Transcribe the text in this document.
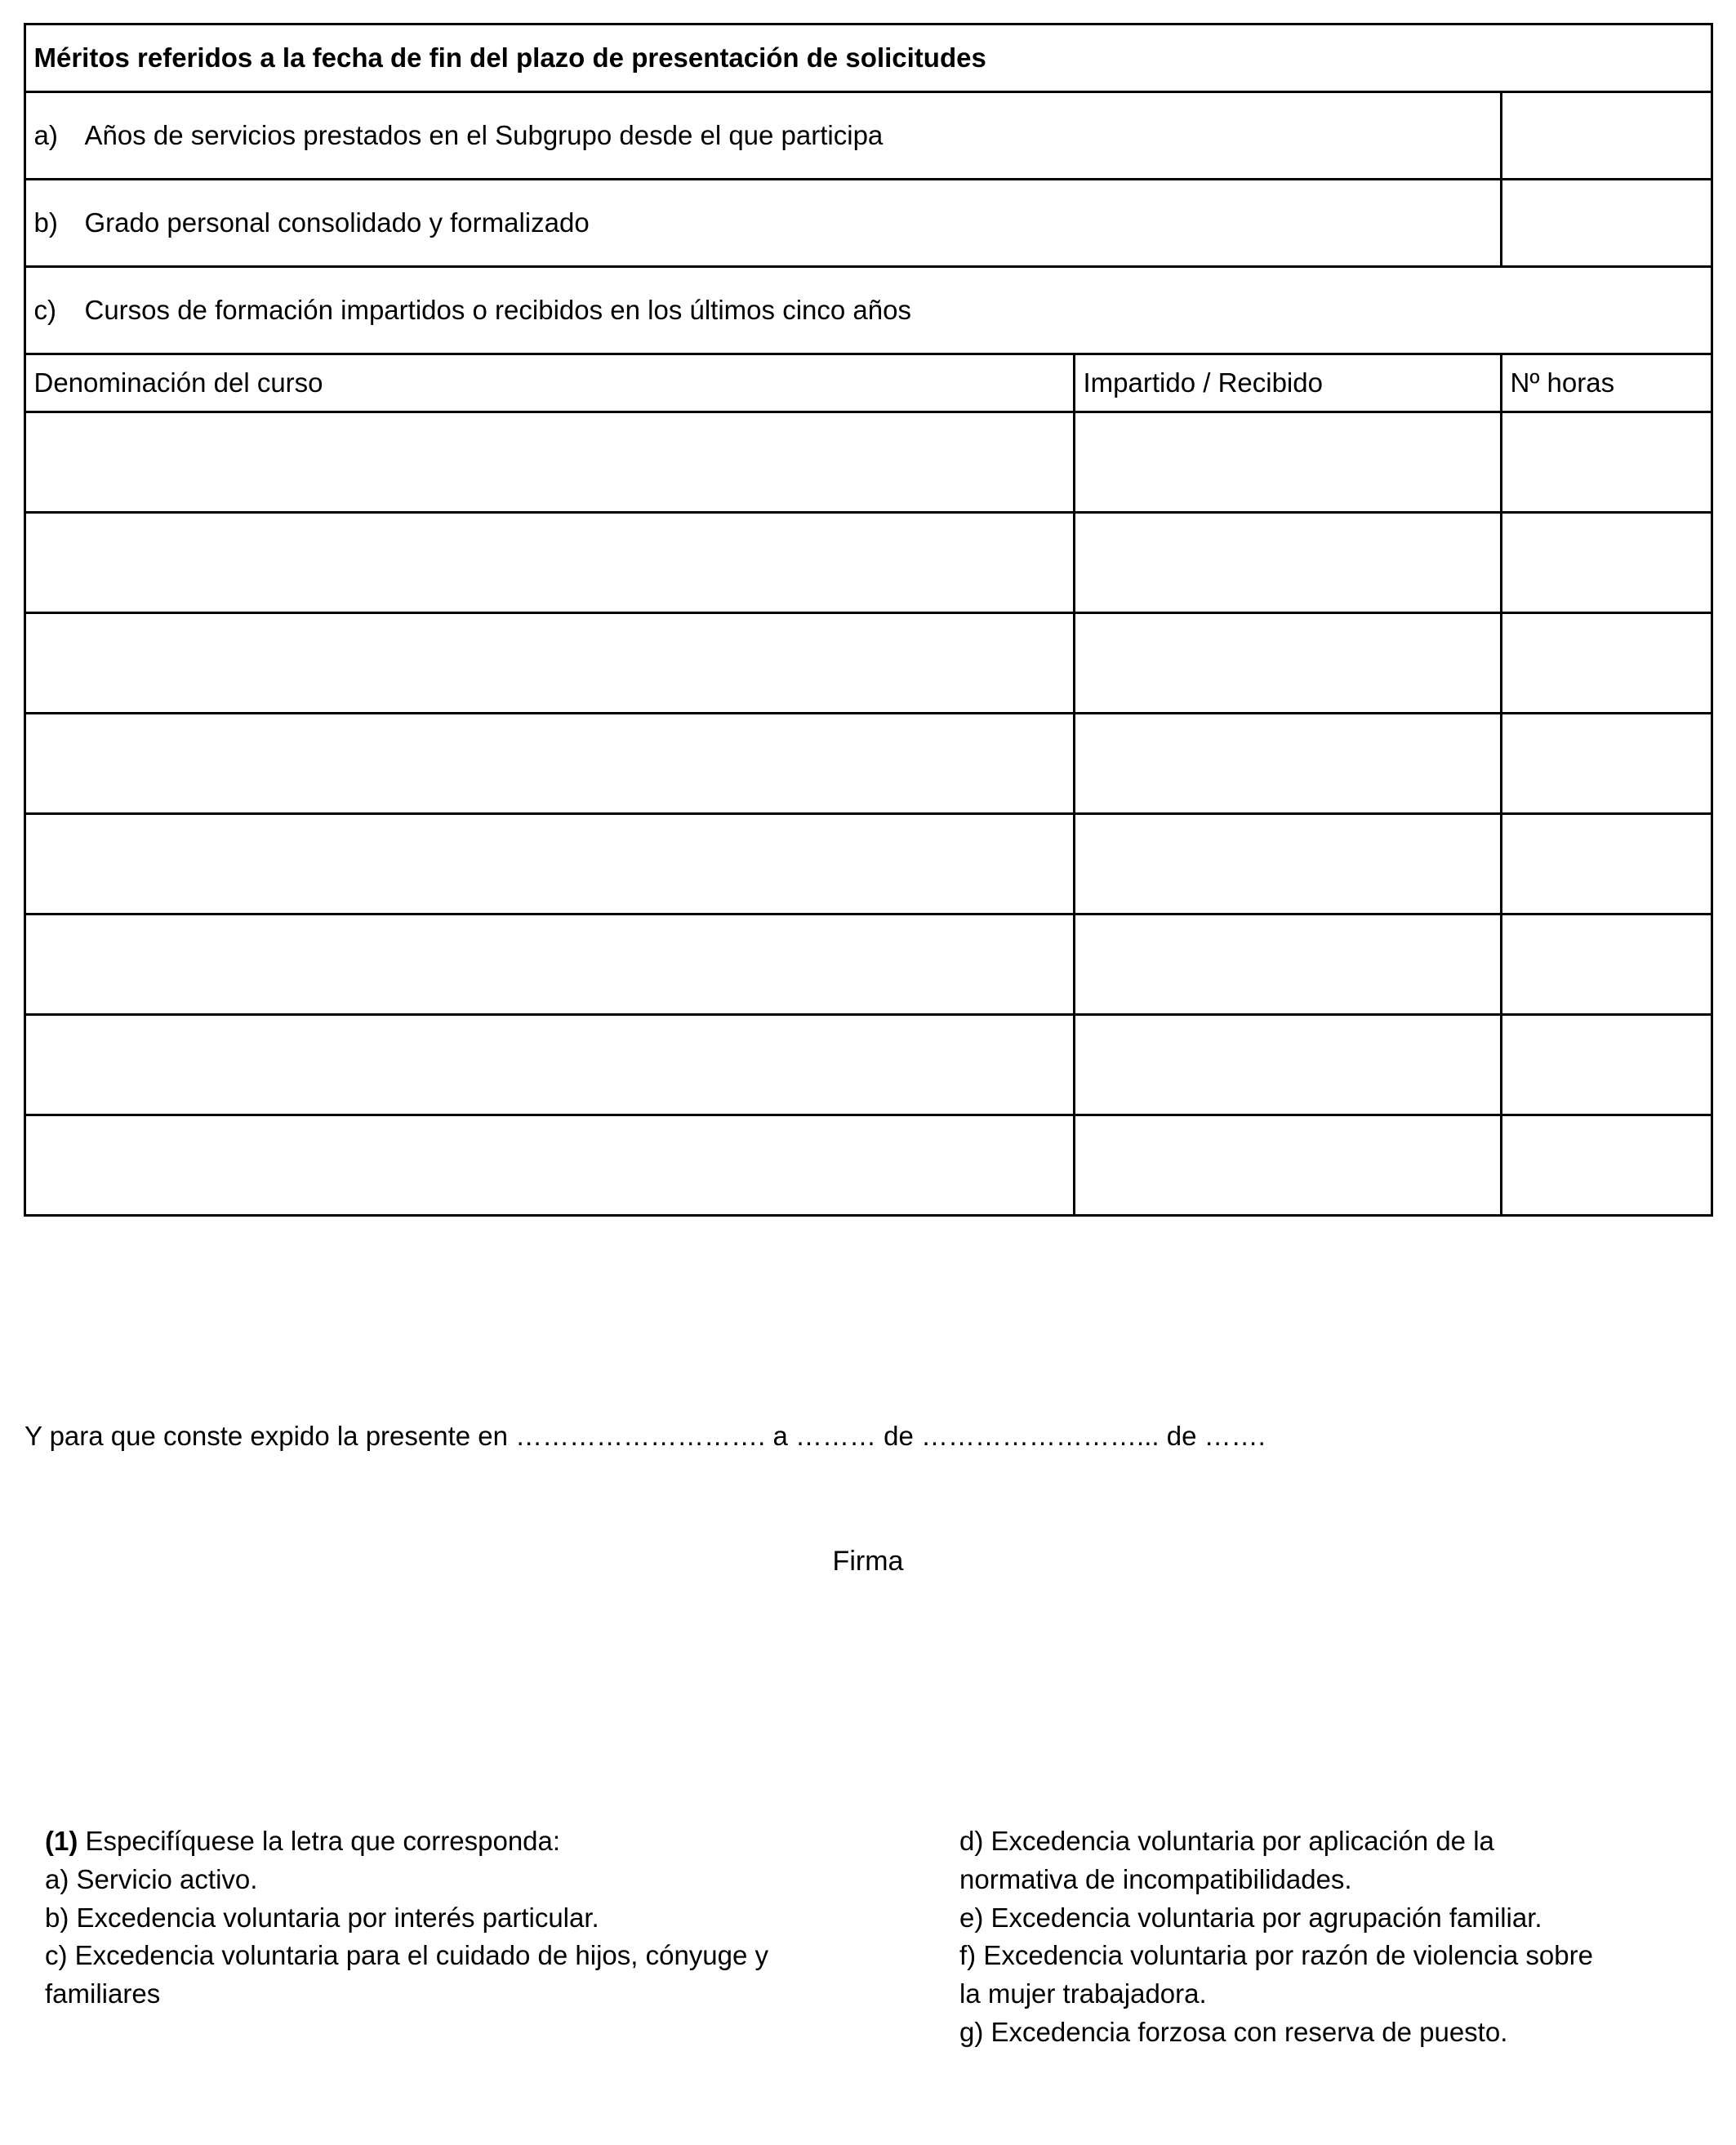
Méritos referidos a la fecha de fin del plazo de presentación de solicitudes		
a) Años de servicios prestados en el Subgrupo desde el que participa		
b) Grado personal consolidado y formalizado		
c) Cursos de formación impartidos o recibidos en los últimos cinco años		
Denominación del curso	Impartido / Recibido	Nº horas

Y para que conste expido la presente en ………………………. a ……… de ……………………... de …….

Firma

(1) Especifíquese la letra que corresponda:

a) Servicio activo.

b) Excedencia voluntaria por interés particular.

c) Excedencia voluntaria para el cuidado de hijos, cónyuge y familiares

d) Excedencia voluntaria por aplicación de la normativa de incompatibilidades.

e) Excedencia voluntaria por agrupación familiar.

f) Excedencia voluntaria por razón de violencia sobre la mujer trabajadora.

g) Excedencia forzosa con reserva de puesto.
